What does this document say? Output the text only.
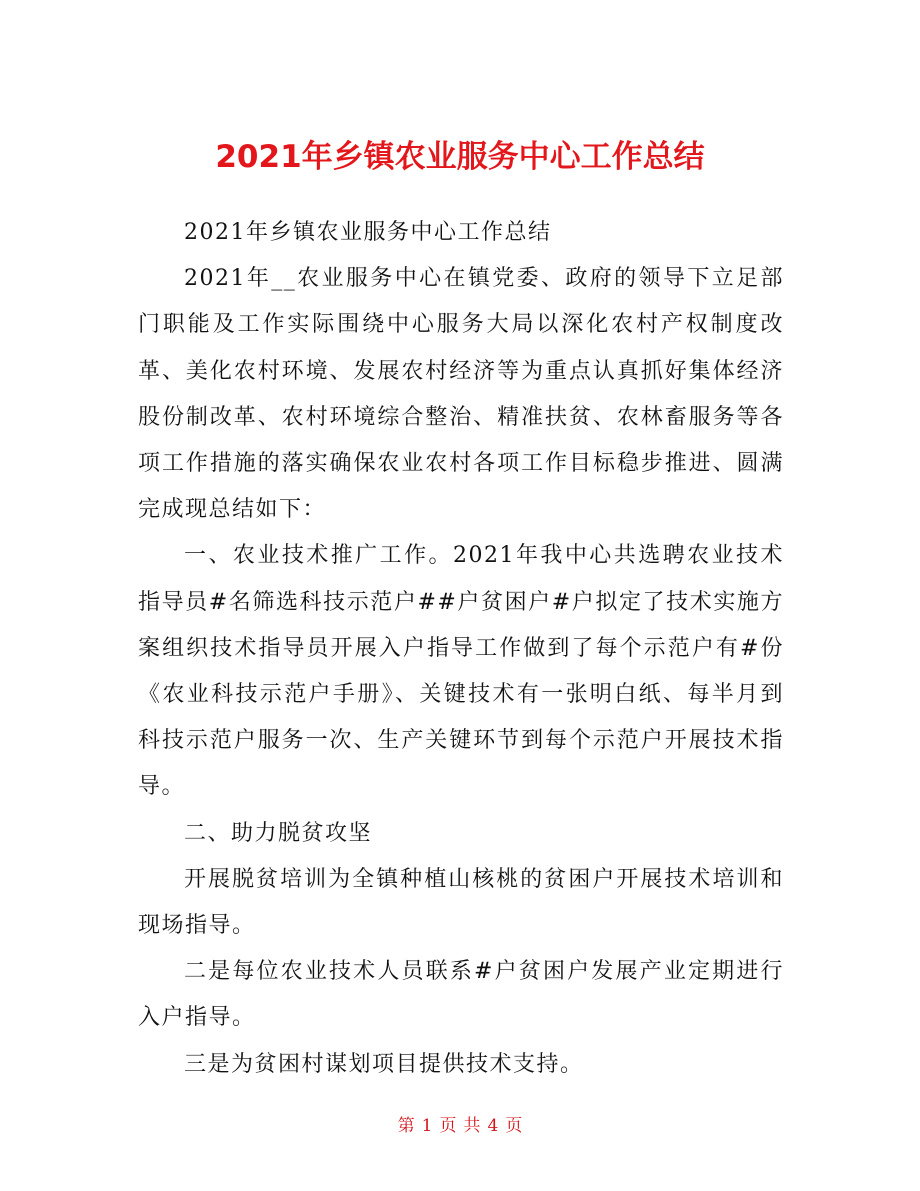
2021年乡镇农业服务中心工作总结

2021年乡镇农业服务中心工作总结

2021年__农业服务中心在镇党委、政府的领导下立足部门职能及工作实际围绕中心服务大局以深化农村产权制度改革、美化农村环境、发展农村经济等为重点认真抓好集体经济股份制改革、农村环境综合整治、精准扶贫、农林畜服务等各项工作措施的落实确保农业农村各项工作目标稳步推进、圆满完成现总结如下：

一、农业技术推广工作。2021年我中心共选聘农业技术指导员#名筛选科技示范户##户贫困户#户拟定了技术实施方案组织技术指导员开展入户指导工作做到了每个示范户有#份《农业科技示范户手册》、关键技术有一张明白纸、每半月到科技示范户服务一次、生产关键环节到每个示范户开展技术指导。

二、助力脱贫攻坚

开展脱贫培训为全镇种植山核桃的贫困户开展技术培训和现场指导。

二是每位农业技术人员联系#户贫困户发展产业定期进行入户指导。

三是为贫困村谋划项目提供技术支持。

第 1 页 共 4 页
